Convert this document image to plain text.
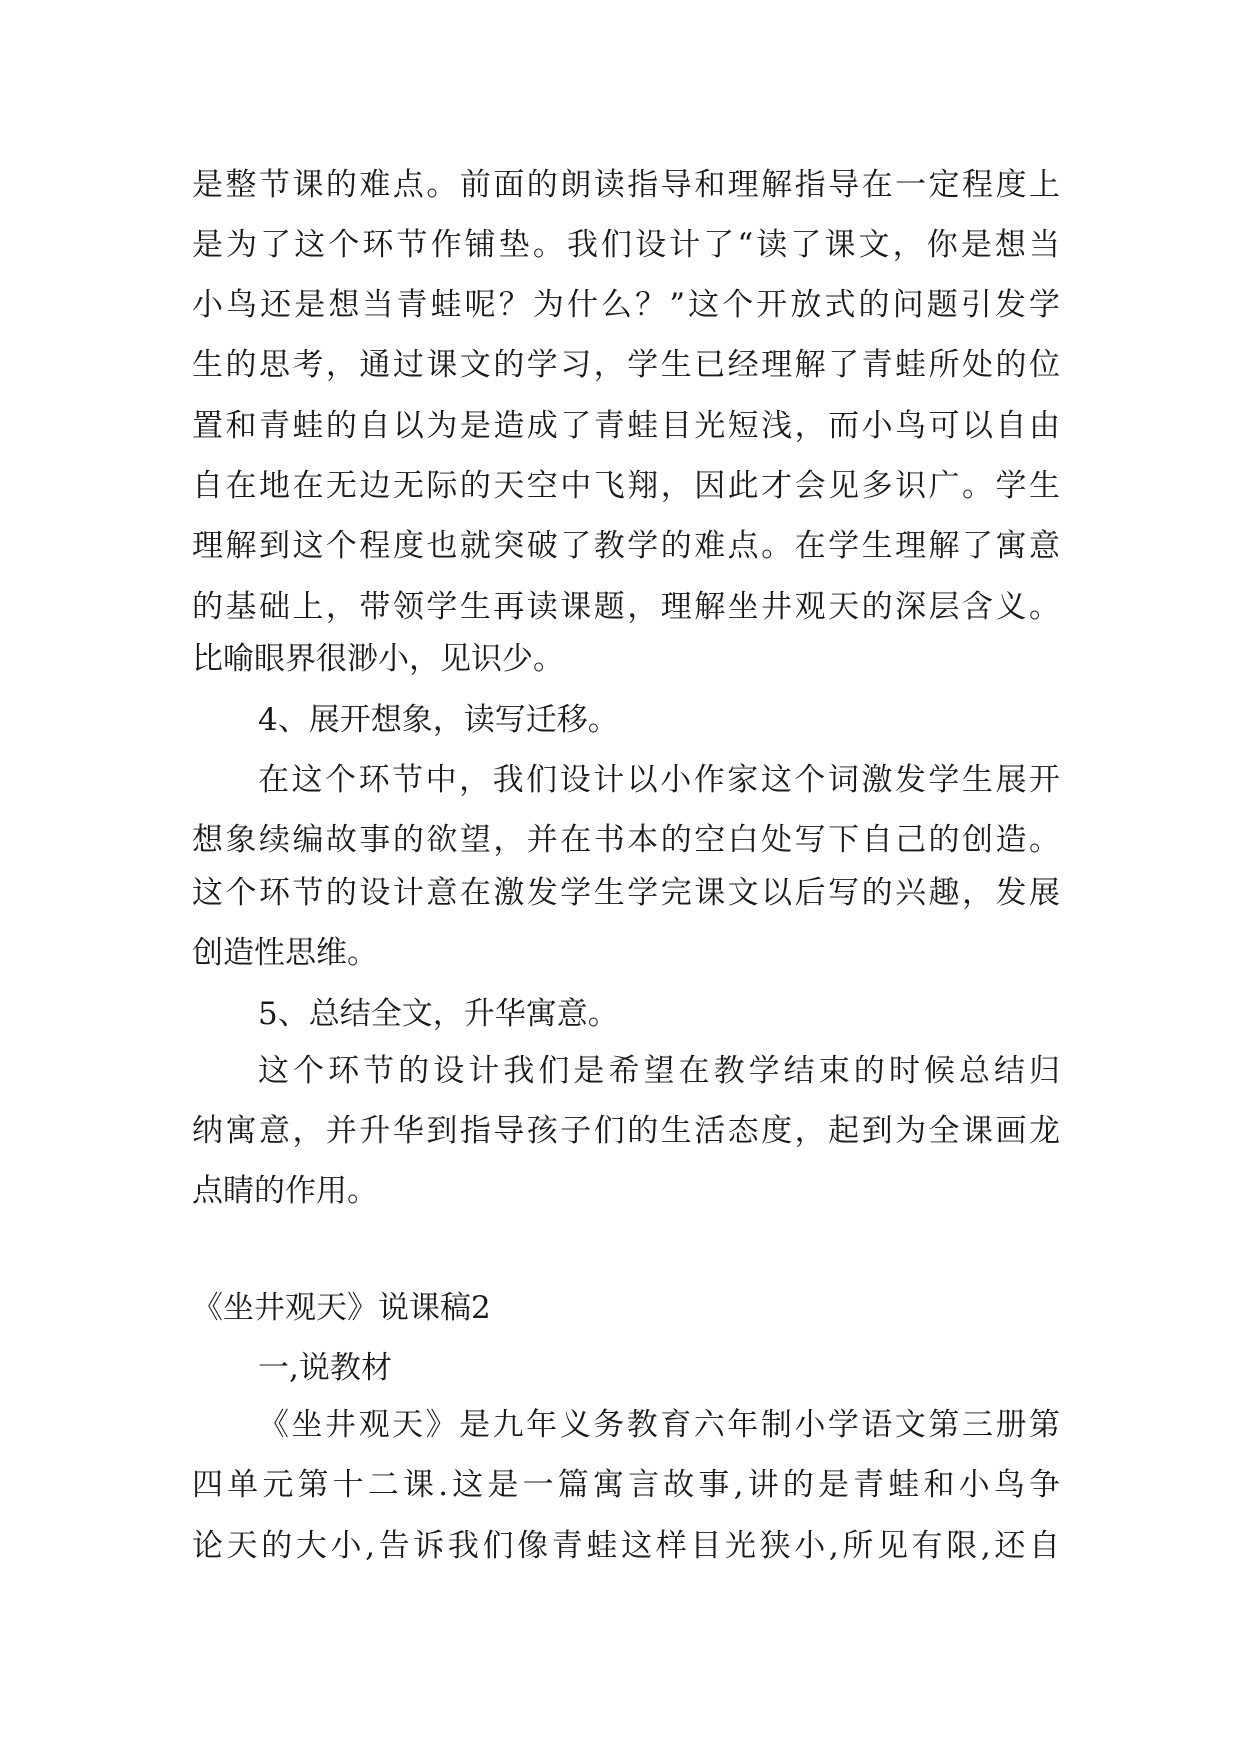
是整节课的难点。前面的朗读指导和理解指导在一定程度上
是为了这个环节作铺垫。我们设计了“读了课文，你是想当
小鸟还是想当青蛙呢？为什么？”这个开放式的问题引发学
生的思考，通过课文的学习，学生已经理解了青蛙所处的位
置和青蛙的自以为是造成了青蛙目光短浅，而小鸟可以自由
自在地在无边无际的天空中飞翔，因此才会见多识广。学生
理解到这个程度也就突破了教学的难点。在学生理解了寓意
的基础上，带领学生再读课题，理解坐井观天的深层含义。
比喻眼界很渺小，见识少。
4、展开想象，读写迁移。
在这个环节中，我们设计以小作家这个词激发学生展开
想象续编故事的欲望，并在书本的空白处写下自己的创造。
这个环节的设计意在激发学生学完课文以后写的兴趣，发展
创造性思维。
5、总结全文，升华寓意。
这个环节的设计我们是希望在教学结束的时候总结归
纳寓意，并升华到指导孩子们的生活态度，起到为全课画龙
点睛的作用。
《坐井观天》说课稿2
一,说教材
《坐井观天》是九年义务教育六年制小学语文第三册第
四单元第十二课.这是一篇寓言故事,讲的是青蛙和小鸟争
论天的大小,告诉我们像青蛙这样目光狭小,所见有限,还自
